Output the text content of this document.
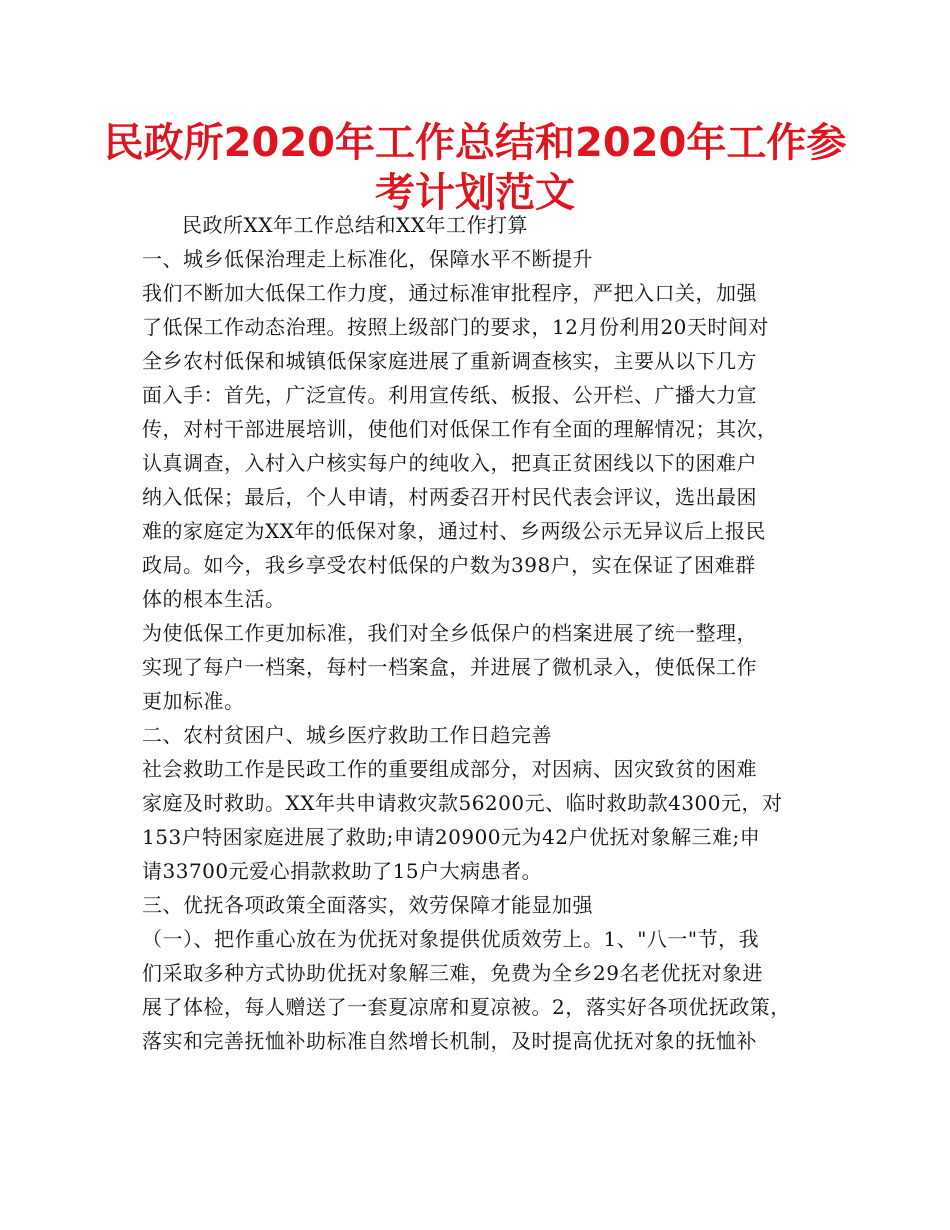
民政所2020年工作总结和2020年工作参
考计划范文
民政所XX年工作总结和XX年工作打算
一、城乡低保治理走上标准化，保障水平不断提升
我们不断加大低保工作力度，通过标准审批程序，严把入口关，加强
了低保工作动态治理。按照上级部门的要求，12月份利用20天时间对
全乡农村低保和城镇低保家庭进展了重新调查核实，主要从以下几方
面入手：首先，广泛宣传。利用宣传纸、板报、公开栏、广播大力宣
传，对村干部进展培训，使他们对低保工作有全面的理解情况；其次，
认真调查，入村入户核实每户的纯收入，把真正贫困线以下的困难户
纳入低保；最后，个人申请，村两委召开村民代表会评议，选出最困
难的家庭定为XX年的低保对象，通过村、乡两级公示无异议后上报民
政局。如今，我乡享受农村低保的户数为398户，实在保证了困难群
体的根本生活。
为使低保工作更加标准，我们对全乡低保户的档案进展了统一整理，
实现了每户一档案，每村一档案盒，并进展了微机录入，使低保工作
更加标准。
二、农村贫困户、城乡医疗救助工作日趋完善
社会救助工作是民政工作的重要组成部分，对因病、因灾致贫的困难
家庭及时救助。XX年共申请救灾款56200元、临时救助款4300元，对
153户特困家庭进展了救助;申请20900元为42户优抚对象解三难;申
请33700元爱心捐款救助了15户大病患者。
三、优抚各项政策全面落实，效劳保障才能显加强
（一）、把作重心放在为优抚对象提供优质效劳上。1、"八一"节，我
们采取多种方式协助优抚对象解三难，免费为全乡29名老优抚对象进
展了体检，每人赠送了一套夏凉席和夏凉被。2，落实好各项优抚政策，
落实和完善抚恤补助标准自然增长机制，及时提高优抚对象的抚恤补
